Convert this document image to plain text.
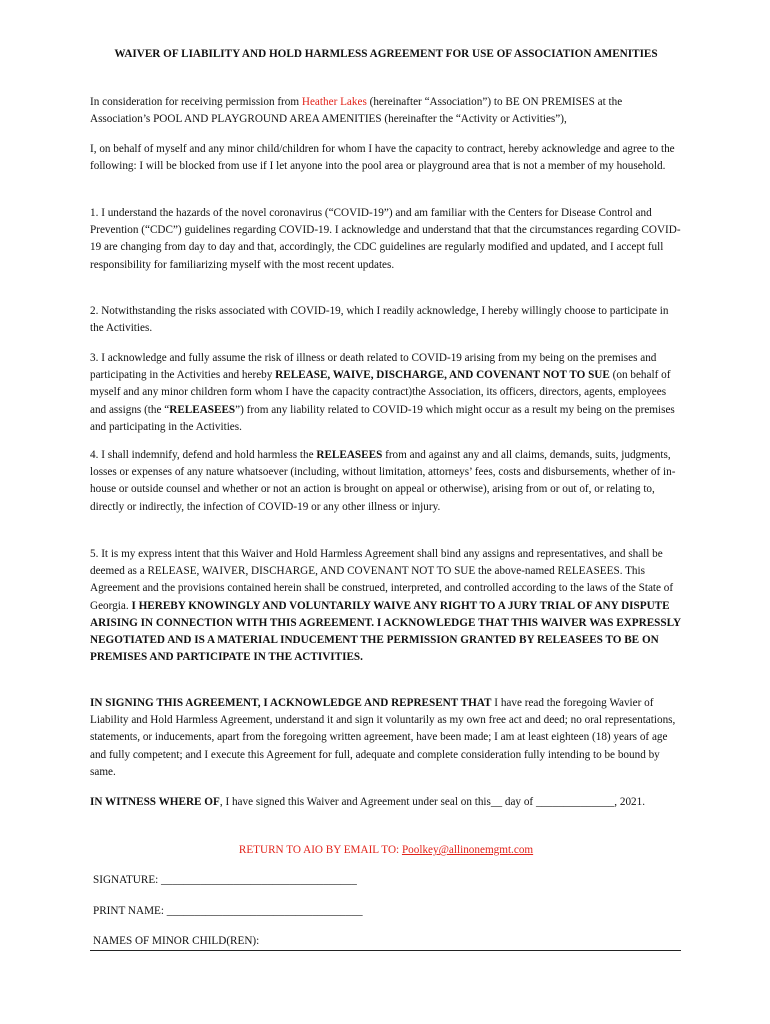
WAIVER OF LIABILITY AND HOLD HARMLESS AGREEMENT FOR USE OF ASSOCIATION AMENITIES

In consideration for receiving permission from Heather Lakes (hereinafter “Association”) to BE ON PREMISES at the Association’s POOL AND PLAYGROUND AREA AMENITIES (hereinafter the “Activity or Activities”),

I, on behalf of myself and any minor child/children for whom I have the capacity to contract, hereby acknowledge and agree to the following: I will be blocked from use if I let anyone into the pool area or playground area that is not a member of my household.

1. I understand the hazards of the novel coronavirus (“COVID-19”) and am familiar with the Centers for Disease Control and Prevention (“CDC”) guidelines regarding COVID-19. I acknowledge and understand that that the circumstances regarding COVID-19 are changing from day to day and that, accordingly, the CDC guidelines are regularly modified and updated, and I accept full responsibility for familiarizing myself with the most recent updates.

2. Notwithstanding the risks associated with COVID-19, which I readily acknowledge, I hereby willingly choose to participate in the Activities.

3. I acknowledge and fully assume the risk of illness or death related to COVID-19 arising from my being on the premises and participating in the Activities and hereby RELEASE, WAIVE, DISCHARGE, AND COVENANT NOT TO SUE (on behalf of myself and any minor children form whom I have the capacity contract)the Association, its officers, directors, agents, employees and assigns (the “RELEASEES”) from any liability related to COVID-19 which might occur as a result my being on the premises and participating in the Activities.

4. I shall indemnify, defend and hold harmless the RELEASEES from and against any and all claims, demands, suits, judgments, losses or expenses of any nature whatsoever (including, without limitation, attorneys’ fees, costs and disbursements, whether of in-house or outside counsel and whether or not an action is brought on appeal or otherwise), arising from or out of, or relating to, directly or indirectly, the infection of COVID-19 or any other illness or injury.

5. It is my express intent that this Waiver and Hold Harmless Agreement shall bind any assigns and representatives, and shall be deemed as a RELEASE, WAIVER, DISCHARGE, AND COVENANT NOT TO SUE the above-named RELEASEES. This Agreement and the provisions contained herein shall be construed, interpreted, and controlled according to the laws of the State of Georgia. I HEREBY KNOWINGLY AND VOLUNTARILY WAIVE ANY RIGHT TO A JURY TRIAL OF ANY DISPUTE ARISING IN CONNECTION WITH THIS AGREEMENT. I ACKNOWLEDGE THAT THIS WAIVER WAS EXPRESSLY NEGOTIATED AND IS A MATERIAL INDUCEMENT THE PERMISSION GRANTED BY RELEASEES TO BE ON PREMISES AND PARTICIPATE IN THE ACTIVITIES.

IN SIGNING THIS AGREEMENT, I ACKNOWLEDGE AND REPRESENT THAT I have read the foregoing Wavier of Liability and Hold Harmless Agreement, understand it and sign it voluntarily as my own free act and deed; no oral representations, statements, or inducements, apart from the foregoing written agreement, have been made; I am at least eighteen (18) years of age and fully competent; and I execute this Agreement for full, adequate and complete consideration fully intending to be bound by same.

IN WITNESS WHERE OF, I have signed this Waiver and Agreement under seal on this__ day of ______________, 2021.

RETURN TO AIO BY EMAIL TO: Poolkey@allinonemgmt.com

SIGNATURE: ___________________________________

PRINT NAME: ___________________________________

NAMES OF MINOR CHILD(REN):
